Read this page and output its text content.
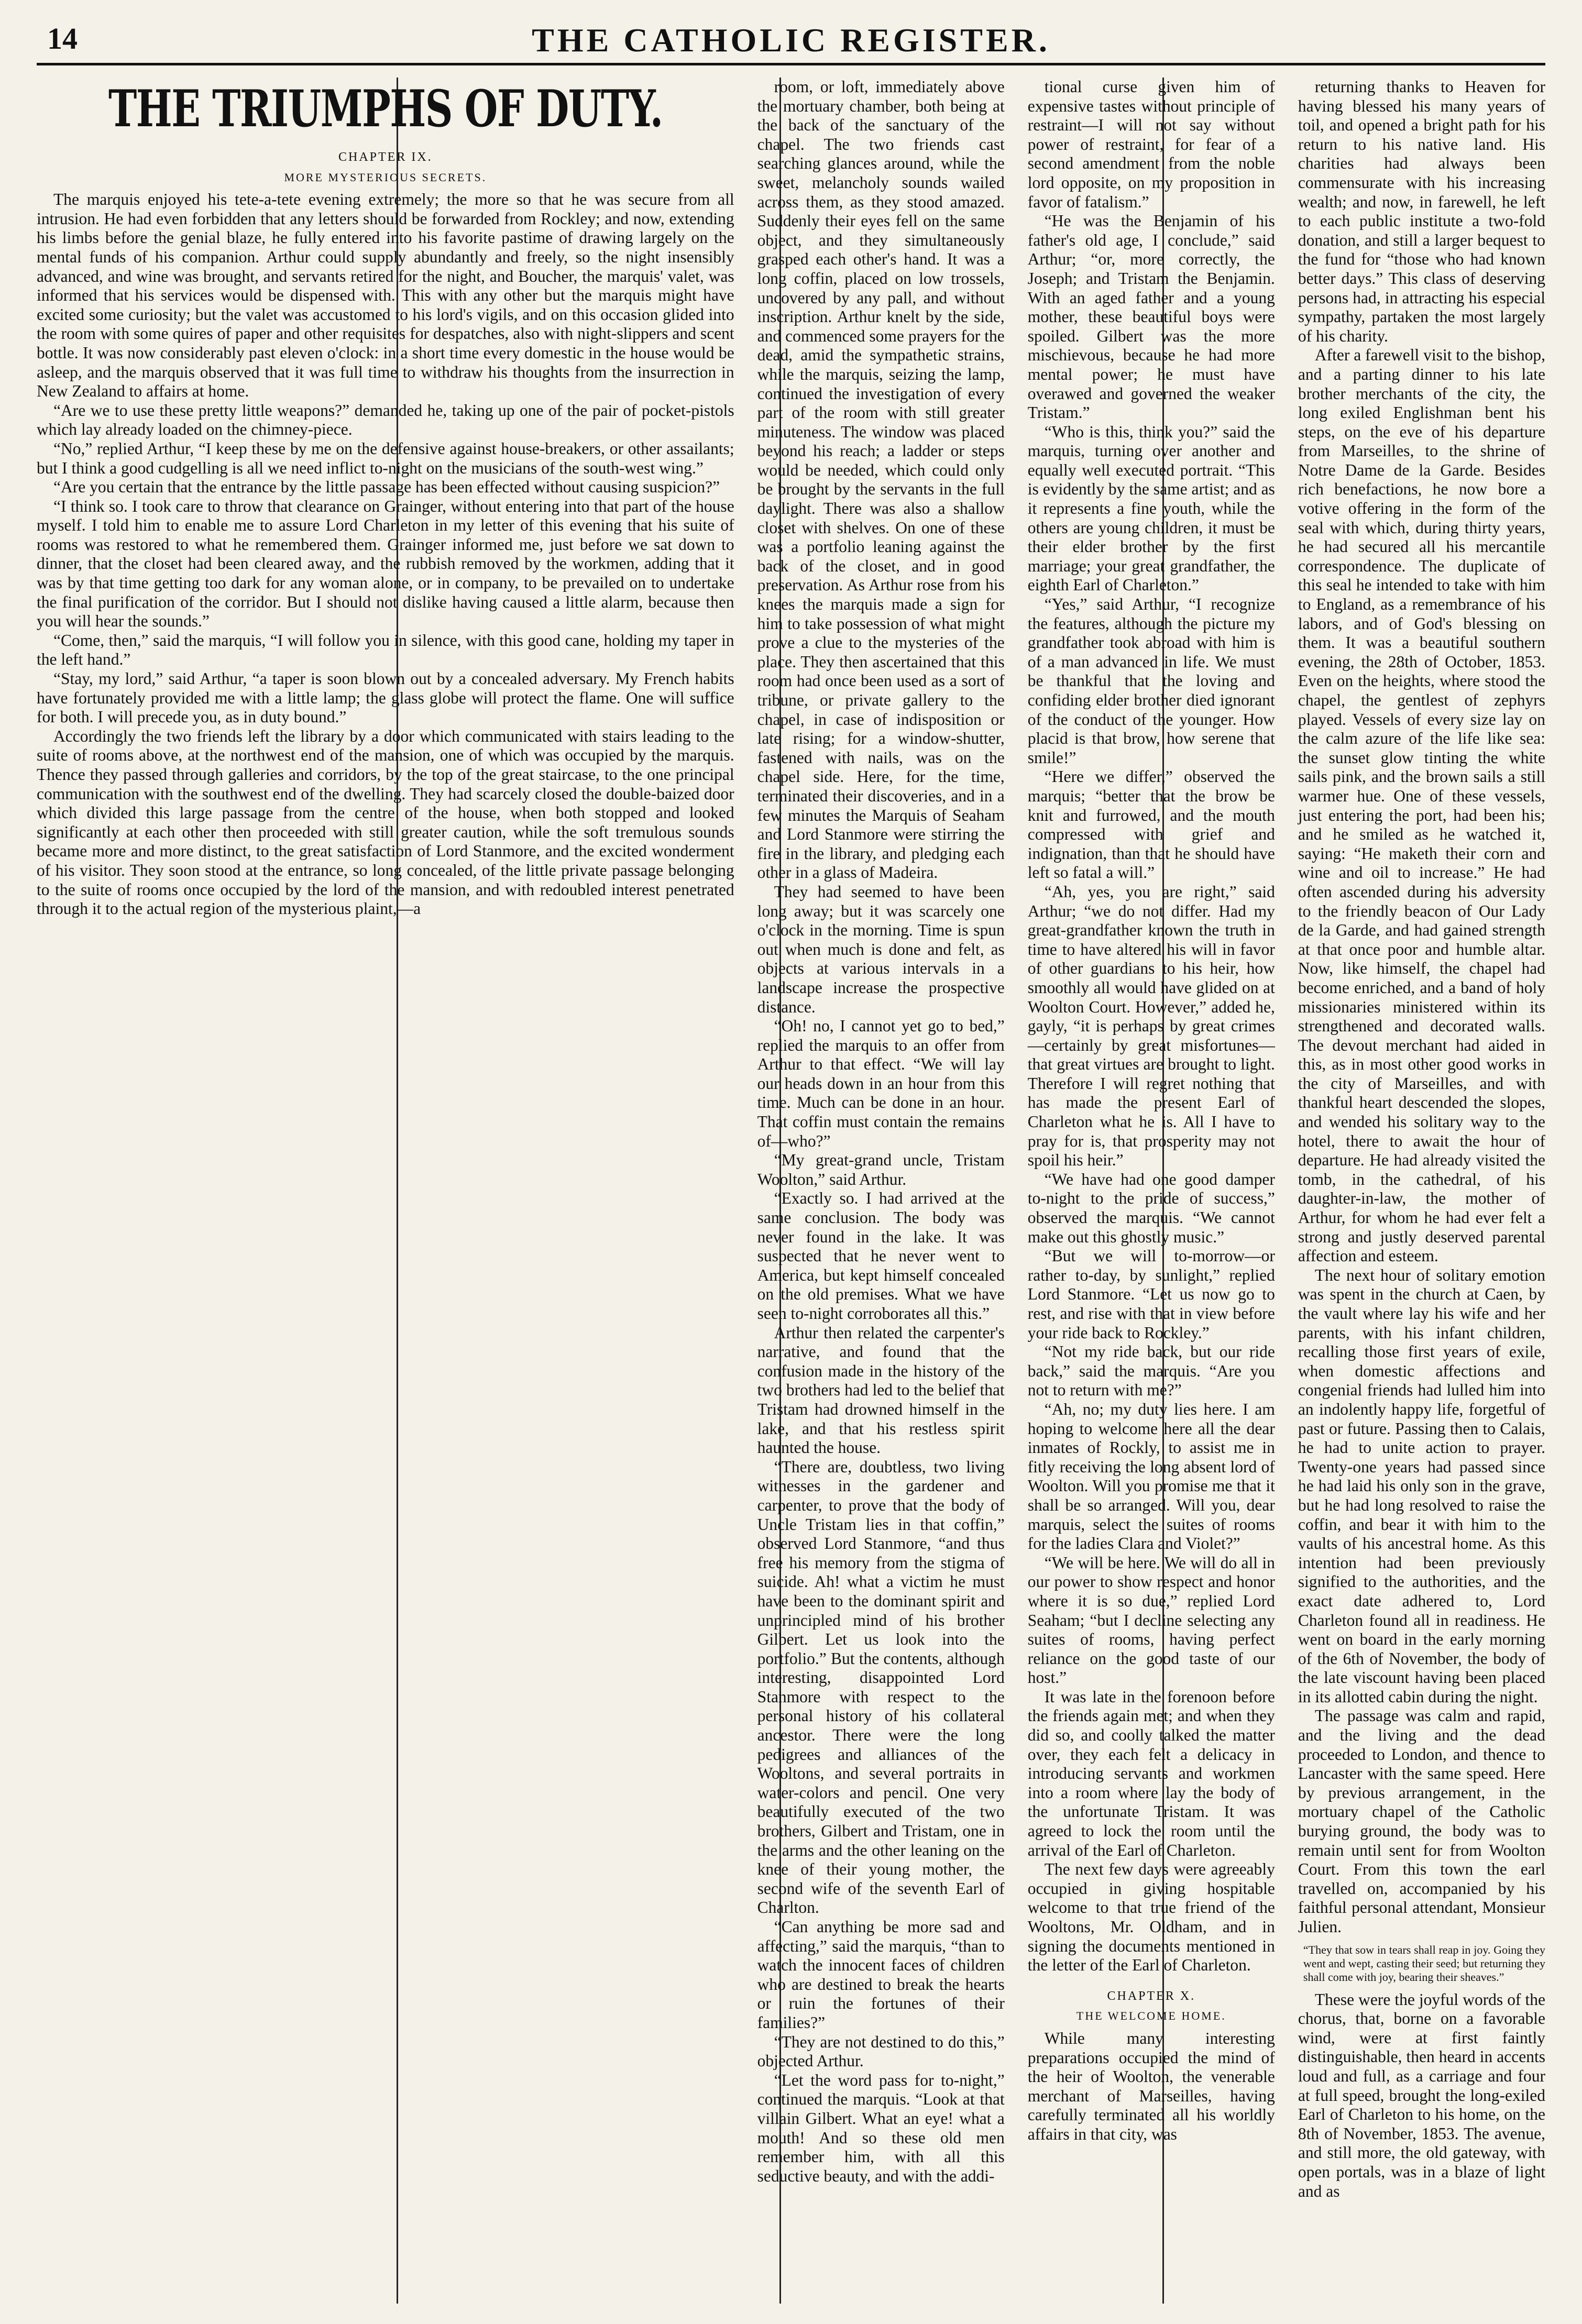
14	THE CATHOLIC REGISTER.
THE TRIUMPHS OF DUTY.
CHAPTER IX.
MORE MYSTERIOUS SECRETS.

The marquis enjoyed his tete-a-tete evening extremely; the more so that he was secure from all intrusion. He had even forbidden that any letters should be forwarded from Rockley; and now, extending his limbs before the genial blaze, he fully entered into his favorite pastime of drawing largely on the mental funds of his companion. Arthur could supply abundantly and freely, so the night insensibly advanced, and wine was brought, and servants retired for the night, and Boucher, the marquis' valet, was informed that his services would be dispensed with. This with any other but the marquis might have excited some curiosity; but the valet was accustomed to his lord's vigils, and on this occasion glided into the room with some quires of paper and other requisites for despatches, also with night-slippers and scent bottle. It was now considerably past eleven o'clock: in a short time every domestic in the house would be asleep, and the marquis observed that it was full time to withdraw his thoughts from the insurrection in New Zealand to affairs at home.

“Are we to use these pretty little weapons?” demanded he, taking up one of the pair of pocket-pistols which lay already loaded on the chimney-piece.

“No,” replied Arthur, “I keep these by me on the defensive against house-breakers, or other assailants; but I think a good cudgelling is all we need inflict to-night on the musicians of the south-west wing.”

“Are you certain that the entrance by the little passage has been effected without causing suspicion?”

“I think so. I took care to throw that clearance on Grainger, without entering into that part of the house myself. I told him to enable me to assure Lord Charleton in my letter of this evening that his suite of rooms was restored to what he remembered them. Grainger informed me, just before we sat down to dinner, that the closet had been cleared away, and the rubbish removed by the workmen, adding that it was by that time getting too dark for any woman alone, or in company, to be prevailed on to undertake the final purification of the corridor. But I should not dislike having caused a little alarm, because then you will hear the sounds.”

“Come, then,” said the marquis, “I will follow you in silence, with this good cane, holding my taper in the left hand.”

“Stay, my lord,” said Arthur, “a taper is soon blown out by a concealed adversary. My French habits have fortunately provided me with a little lamp; the glass globe will protect the flame. One will suffice for both. I will precede you, as in duty bound.”

Accordingly the two friends left the library by a door which communicated with stairs leading to the suite of rooms above, at the northwest end of the mansion, one of which was occupied by the marquis. Thence they passed through galleries and corridors, by the top of the great staircase, to the one principal communication with the southwest end of the dwelling. They had scarcely closed the double-baized door which divided this large passage from the centre of the house, when both stopped and looked significantly at each other then proceeded with still greater caution, while the soft tremulous sounds became more and more distinct, to the great satisfaction of Lord Stanmore, and the excited wonderment of his visitor. They soon stood at the entrance, so long concealed, of the little private passage belonging to the suite of rooms once occupied by the lord of the mansion, and with redoubled interest penetrated through it to the actual region of the mysterious plaint,—a

room, or loft, immediately above the mortuary chamber, both being at the back of the sanctuary of the chapel. The two friends cast searching glances around, while the sweet, melancholy sounds wailed across them, as they stood amazed. Suddenly their eyes fell on the same object, and they simultaneously grasped each other's hand. It was a long coffin, placed on low trossels, uncovered by any pall, and without inscription. Arthur knelt by the side, and commenced some prayers for the dead, amid the sympathetic strains, while the marquis, seizing the lamp, continued the investigation of every part of the room with still greater minuteness. The window was placed beyond his reach; a ladder or steps would be needed, which could only be brought by the servants in the full daylight. There was also a shallow closet with shelves. On one of these was a portfolio leaning against the back of the closet, and in good preservation. As Arthur rose from his knees the marquis made a sign for him to take possession of what might prove a clue to the mysteries of the place. They then ascertained that this room had once been used as a sort of tribune, or private gallery to the chapel, in case of indisposition or late rising; for a window-shutter, fastened with nails, was on the chapel side. Here, for the time, terminated their discoveries, and in a few minutes the Marquis of Seaham and Lord Stanmore were stirring the fire in the library, and pledging each other in a glass of Madeira.

They had seemed to have been long away; but it was scarcely one o'clock in the morning. Time is spun out when much is done and felt, as objects at various intervals in a landscape increase the prospective distance.

“Oh! no, I cannot yet go to bed,” replied the marquis to an offer from Arthur to that effect. “We will lay our heads down in an hour from this time. Much can be done in an hour. That coffin must contain the remains of—who?”

“My great-grand uncle, Tristam Woolton,” said Arthur.

“Exactly so. I had arrived at the same conclusion. The body was never found in the lake. It was suspected that he never went to America, but kept himself concealed on the old premises. What we have seen to-night corroborates all this.”

Arthur then related the carpenter's narrative, and found that the confusion made in the history of the two brothers had led to the belief that Tristam had drowned himself in the lake, and that his restless spirit haunted the house.

“There are, doubtless, two living witnesses in the gardener and carpenter, to prove that the body of Uncle Tristam lies in that coffin,” observed Lord Stanmore, “and thus free his memory from the stigma of suicide. Ah! what a victim he must have been to the dominant spirit and unprincipled mind of his brother Gilbert. Let us look into the portfolio.” But the contents, although interesting, disappointed Lord Stanmore with respect to the personal history of his collateral ancestor. There were the long pedigrees and alliances of the Wooltons, and several portraits in water-colors and pencil. One very beautifully executed of the two brothers, Gilbert and Tristam, one in the arms and the other leaning on the knee of their young mother, the second wife of the seventh Earl of Charlton.

“Can anything be more sad and affecting,” said the marquis, “than to watch the innocent faces of children who are destined to break the hearts or ruin the fortunes of their families?”

“They are not destined to do this,” objected Arthur.

“Let the word pass for to-night,” continued the marquis. “Look at that villain Gilbert. What an eye! what a mouth! And so these old men remember him, with all this seductive beauty, and with the addi-

tional curse given him of expensive tastes without principle of restraint—I will not say without power of restraint, for fear of a second amendment from the noble lord opposite, on my proposition in favor of fatalism.”

“He was the Benjamin of his father's old age, I conclude,” said Arthur; “or, more correctly, the Joseph; and Tristam the Benjamin. With an aged father and a young mother, these beautiful boys were spoiled. Gilbert was the more mischievous, because he had more mental power; he must have overawed and governed the weaker Tristam.”

“Who is this, think you?” said the marquis, turning over another and equally well executed portrait. “This is evidently by the same artist; and as it represents a fine youth, while the others are young children, it must be their elder brother by the first marriage; your great grandfather, the eighth Earl of Charleton.”

“Yes,” said Arthur, “I recognize the features, although the picture my grandfather took abroad with him is of a man advanced in life. We must be thankful that the loving and confiding elder brother died ignorant of the conduct of the younger. How placid is that brow, how serene that smile!”

“Here we differ,” observed the marquis; “better that the brow be knit and furrowed, and the mouth compressed with grief and indignation, than that he should have left so fatal a will.”

“Ah, yes, you are right,” said Arthur; “we do not differ. Had my great-grandfather known the truth in time to have altered his will in favor of other guardians to his heir, how smoothly all would have glided on at Woolton Court. However,” added he, gayly, “it is perhaps by great crimes—certainly by great misfortunes—that great virtues are brought to light. Therefore I will regret nothing that has made the present Earl of Charleton what he is. All I have to pray for is, that prosperity may not spoil his heir.”

“We have had one good damper to-night to the pride of success,” observed the marquis. “We cannot make out this ghostly music.”

“But we will to-morrow—or rather to-day, by sunlight,” replied Lord Stanmore. “Let us now go to rest, and rise with that in view before your ride back to Rockley.”

“Not my ride back, but our ride back,” said the marquis. “Are you not to return with me?”

“Ah, no; my duty lies here. I am hoping to welcome here all the dear inmates of Rockly, to assist me in fitly receiving the long absent lord of Woolton. Will you promise me that it shall be so arranged. Will you, dear marquis, select the suites of rooms for the ladies Clara and Violet?”

“We will be here. We will do all in our power to show respect and honor where it is so due,” replied Lord Seaham; “but I decline selecting any suites of rooms, having perfect reliance on the good taste of our host.”

It was late in the forenoon before the friends again met; and when they did so, and coolly talked the matter over, they each felt a delicacy in introducing servants and workmen into a room where lay the body of the unfortunate Tristam. It was agreed to lock the room until the arrival of the Earl of Charleton.

The next few days were agreeably occupied in giving hospitable welcome to that true friend of the Wooltons, Mr. Oldham, and in signing the documents mentioned in the letter of the Earl of Charleton.

CHAPTER X.
THE WELCOME HOME.

While many interesting preparations occupied the mind of the heir of Woolton, the venerable merchant of Marseilles, having carefully terminated all his worldly affairs in that city, was

returning thanks to Heaven for having blessed his many years of toil, and opened a bright path for his return to his native land. His charities had always been commensurate with his increasing wealth; and now, in farewell, he left to each public institute a two-fold donation, and still a larger bequest to the fund for “those who had known better days.” This class of deserving persons had, in attracting his especial sympathy, partaken the most largely of his charity.

After a farewell visit to the bishop, and a parting dinner to his late brother merchants of the city, the long exiled Englishman bent his steps, on the eve of his departure from Marseilles, to the shrine of Notre Dame de la Garde. Besides rich benefactions, he now bore a votive offering in the form of the seal with which, during thirty years, he had secured all his mercantile correspondence. The duplicate of this seal he intended to take with him to England, as a remembrance of his labors, and of God's blessing on them. It was a beautiful southern evening, the 28th of October, 1853. Even on the heights, where stood the chapel, the gentlest of zephyrs played. Vessels of every size lay on the calm azure of the life like sea: the sunset glow tinting the white sails pink, and the brown sails a still warmer hue. One of these vessels, just entering the port, had been his; and he smiled as he watched it, saying: “He maketh their corn and wine and oil to increase.” He had often ascended during his adversity to the friendly beacon of Our Lady de la Garde, and had gained strength at that once poor and humble altar. Now, like himself, the chapel had become enriched, and a band of holy missionaries ministered within its strengthened and decorated walls. The devout merchant had aided in this, as in most other good works in the city of Marseilles, and with thankful heart descended the slopes, and wended his solitary way to the hotel, there to await the hour of departure. He had already visited the tomb, in the cathedral, of his daughter-in-law, the mother of Arthur, for whom he had ever felt a strong and justly deserved parental affection and esteem.

The next hour of solitary emotion was spent in the church at Caen, by the vault where lay his wife and her parents, with his infant children, recalling those first years of exile, when domestic affections and congenial friends had lulled him into an indolently happy life, forgetful of past or future. Passing then to Calais, he had to unite action to prayer. Twenty-one years had passed since he had laid his only son in the grave, but he had long resolved to raise the coffin, and bear it with him to the vaults of his ancestral home. As this intention had been previously signified to the authorities, and the exact date adhered to, Lord Charleton found all in readiness. He went on board in the early morning of the 6th of November, the body of the late viscount having been placed in its allotted cabin during the night.

The passage was calm and rapid, and the living and the dead proceeded to London, and thence to Lancaster with the same speed. Here by previous arrangement, in the mortuary chapel of the Catholic burying ground, the body was to remain until sent for from Woolton Court. From this town the earl travelled on, accompanied by his faithful personal attendant, Monsieur Julien.

“They that sow in tears shall reap in joy. Going they went and wept, casting their seed; but returning they shall come with joy, bearing their sheaves.”

These were the joyful words of the chorus, that, borne on a favorable wind, were at first faintly distinguishable, then heard in accents loud and full, as a carriage and four at full speed, brought the long-exiled Earl of Charleton to his home, on the 8th of November, 1853. The avenue, and still more, the old gateway, with open portals, was in a blaze of light and as
